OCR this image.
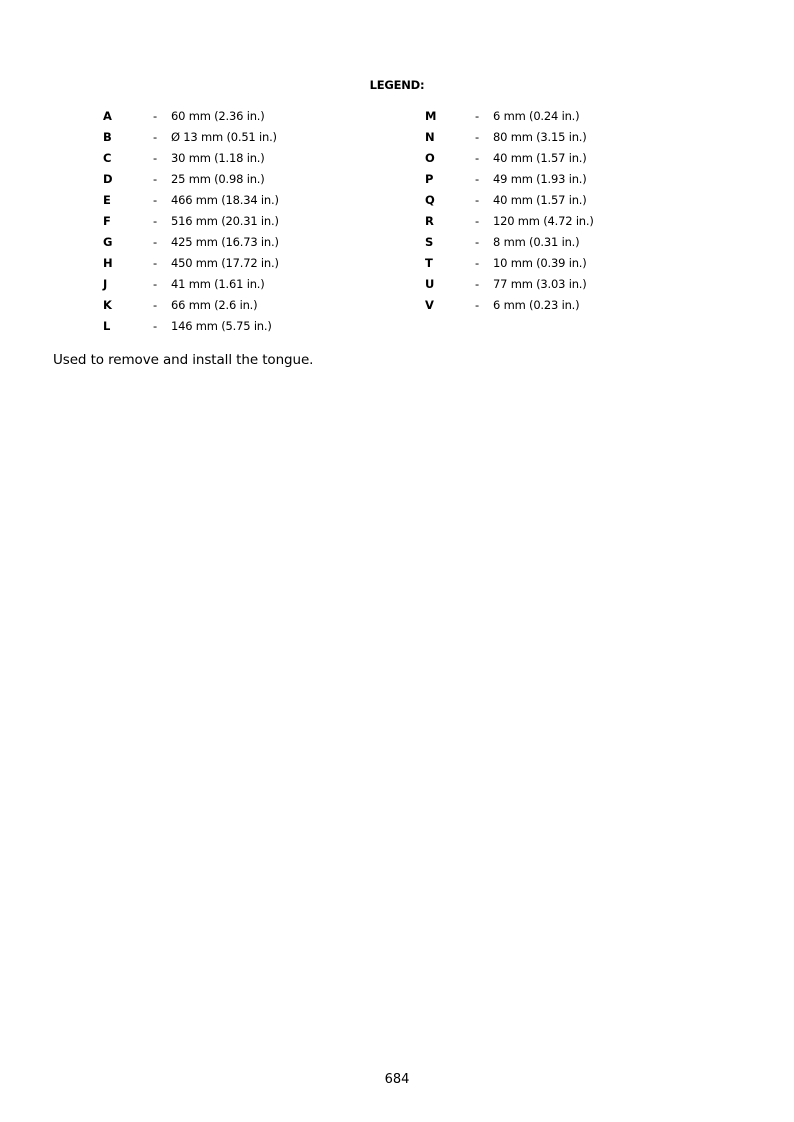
LEGEND:
A	- 60 mm (2.36 in.)
B	- Ø 13 mm (0.51 in.)
C	- 30 mm (1.18 in.)
D	- 25 mm (0.98 in.)
E	- 466 mm (18.34 in.)
F	- 516 mm (20.31 in.)
G	- 425 mm (16.73 in.)
H	- 450 mm (17.72 in.)
J	- 41 mm (1.61 in.)
K	- 66 mm (2.6 in.)
L	- 146 mm (5.75 in.)
M	- 6 mm (0.24 in.)
N	- 80 mm (3.15 in.)
O	- 40 mm (1.57 in.)
P	- 49 mm (1.93 in.)
Q	- 40 mm (1.57 in.)
R	- 120 mm (4.72 in.)
S	- 8 mm (0.31 in.)
T	- 10 mm (0.39 in.)
U	- 77 mm (3.03 in.)
V	- 6 mm (0.23 in.)
Used to remove and install the tongue.
684
